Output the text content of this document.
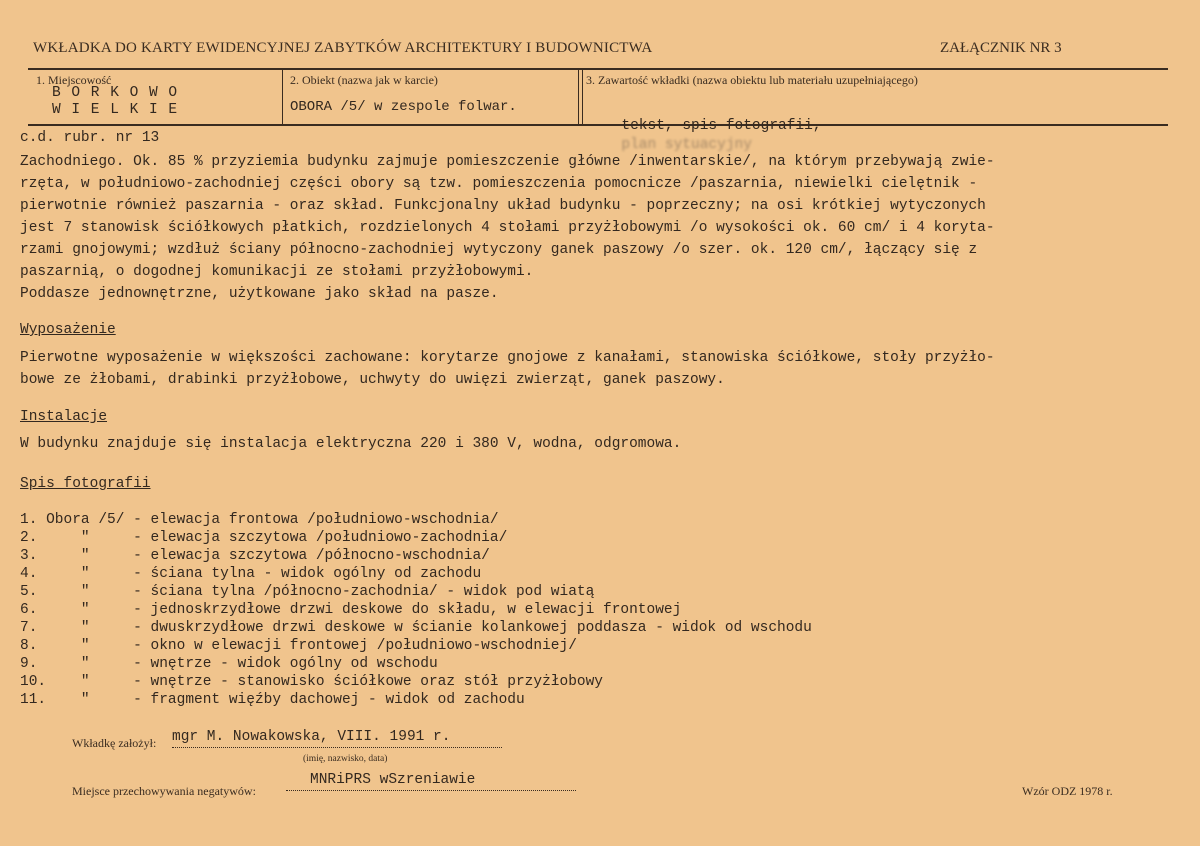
WKŁADKA DO KARTY EWIDENCYJNEJ ZABYTKÓW ARCHITEKTURY I BUDOWNICTWA	ZAŁĄCZNIK NR 3
1. Miejscowość
B O R K O W O
W I E L K I E
2. Obiekt (nazwa jak w karcie)
OBORA /5/ w zespole folwar.
3. Zawartość wkładki (nazwa obiektu lub materiału uzupełniającego)

tekst, spis fotografii,
plan sytuacyjny

c.d. rubr. nr 13
Zachodniego. Ok. 85 % przyziemia budynku zajmuje pomieszczenie główne /inwentarskie/, na którym przebywają zwie-
rzęta, w południowo-zachodniej części obory są tzw. pomieszczenia pomocnicze /paszarnia, niewielki cielętnik -
pierwotnie również paszarnia - oraz skład. Funkcjonalny układ budynku - poprzeczny; na osi krótkiej wytyczonych
jest 7 stanowisk ściółkowych płatkich, rozdzielonych 4 stołami przyżłobowymi /o wysokości ok. 60 cm/ i 4 koryta-
rzami gnojowymi; wzdłuż ściany północno-zachodniej wytyczony ganek paszowy /o szer. ok. 120 cm/, łączący się z
paszarnią, o dogodnej komunikacji ze stołami przyżłobowymi.
Poddasze jednownętrzne, użytkowane jako skład na pasze.
Wyposażenie
Pierwotne wyposażenie w większości zachowane: korytarze gnojowe z kanałami, stanowiska ściółkowe, stoły przyżło-
bowe ze żłobami, drabinki przyżłobowe, uchwyty do uwięzi zwierząt, ganek paszowy.
Instalacje
W budynku znajduje się instalacja elektryczna 220 i 380 V, wodna, odgromowa.
Spis fotografii
1. Obora /5/ - elewacja frontowa /południowo-wschodnia/
2.     "     - elewacja szczytowa /południowo-zachodnia/
3.     "     - elewacja szczytowa /północno-wschodnia/
4.     "     - ściana tylna - widok ogólny od zachodu
5.     "     - ściana tylna /północno-zachodnia/ - widok pod wiatą
6.     "     - jednoskrzydłowe drzwi deskowe do składu, w elewacji frontowej
7.     "     - dwuskrzydłowe drzwi deskowe w ścianie kolankowej poddasza - widok od wschodu
8.     "     - okno w elewacji frontowej /południowo-wschodniej/
9.     "     - wnętrze - widok ogólny od wschodu
10.    "     - wnętrze - stanowisko ściółkowe oraz stół przyżłobowy
11.    "     - fragment więźby dachowej - widok od zachodu
Wkładkę założył: mgr M. Nowakowska, VIII. 1991 r.
(imię, nazwisko, data)
Miejsce przechowywania negatywów:
MNRiPRS wSzreniawie
Wzór ODZ 1978 r.
